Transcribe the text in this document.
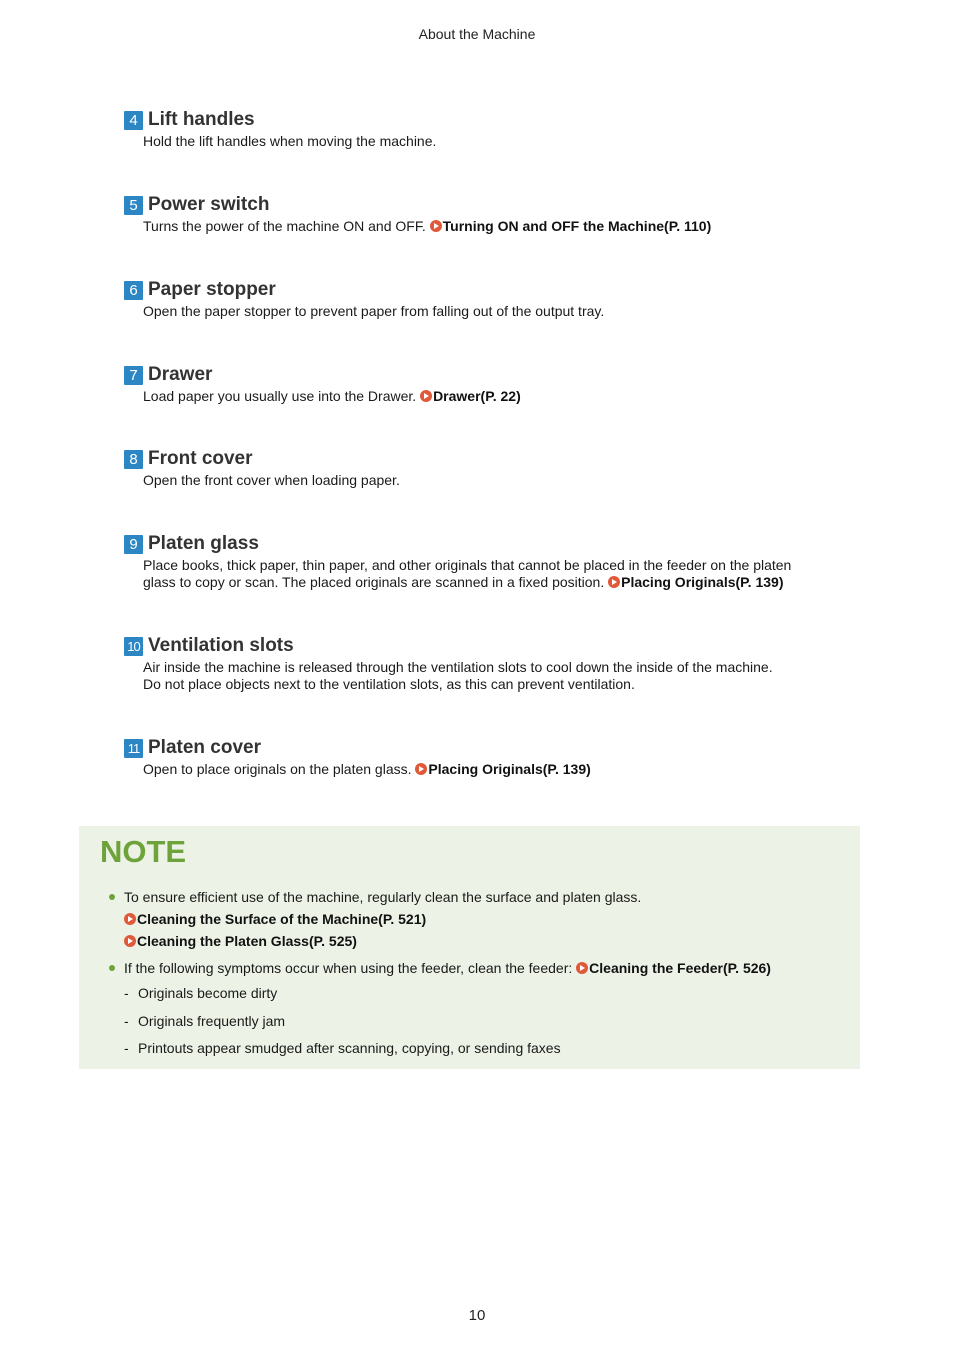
About the Machine
4 Lift handles
Hold the lift handles when moving the machine.
5 Power switch
Turns the power of the machine ON and OFF. Turning ON and OFF the Machine(P. 110)
6 Paper stopper
Open the paper stopper to prevent paper from falling out of the output tray.
7 Drawer
Load paper you usually use into the Drawer. Drawer(P. 22)
8 Front cover
Open the front cover when loading paper.
9 Platen glass
Place books, thick paper, thin paper, and other originals that cannot be placed in the feeder on the platen
glass to copy or scan. The placed originals are scanned in a fixed position. Placing Originals(P. 139)
10 Ventilation slots
Air inside the machine is released through the ventilation slots to cool down the inside of the machine.
Do not place objects next to the ventilation slots, as this can prevent ventilation.
11 Platen cover
Open to place originals on the platen glass. Placing Originals(P. 139)
NOTE
To ensure efficient use of the machine, regularly clean the surface and platen glass.
Cleaning the Surface of the Machine(P. 521)
Cleaning the Platen Glass(P. 525)
If the following symptoms occur when using the feeder, clean the feeder: Cleaning the Feeder(P. 526)
- Originals become dirty
- Originals frequently jam
- Printouts appear smudged after scanning, copying, or sending faxes
10
